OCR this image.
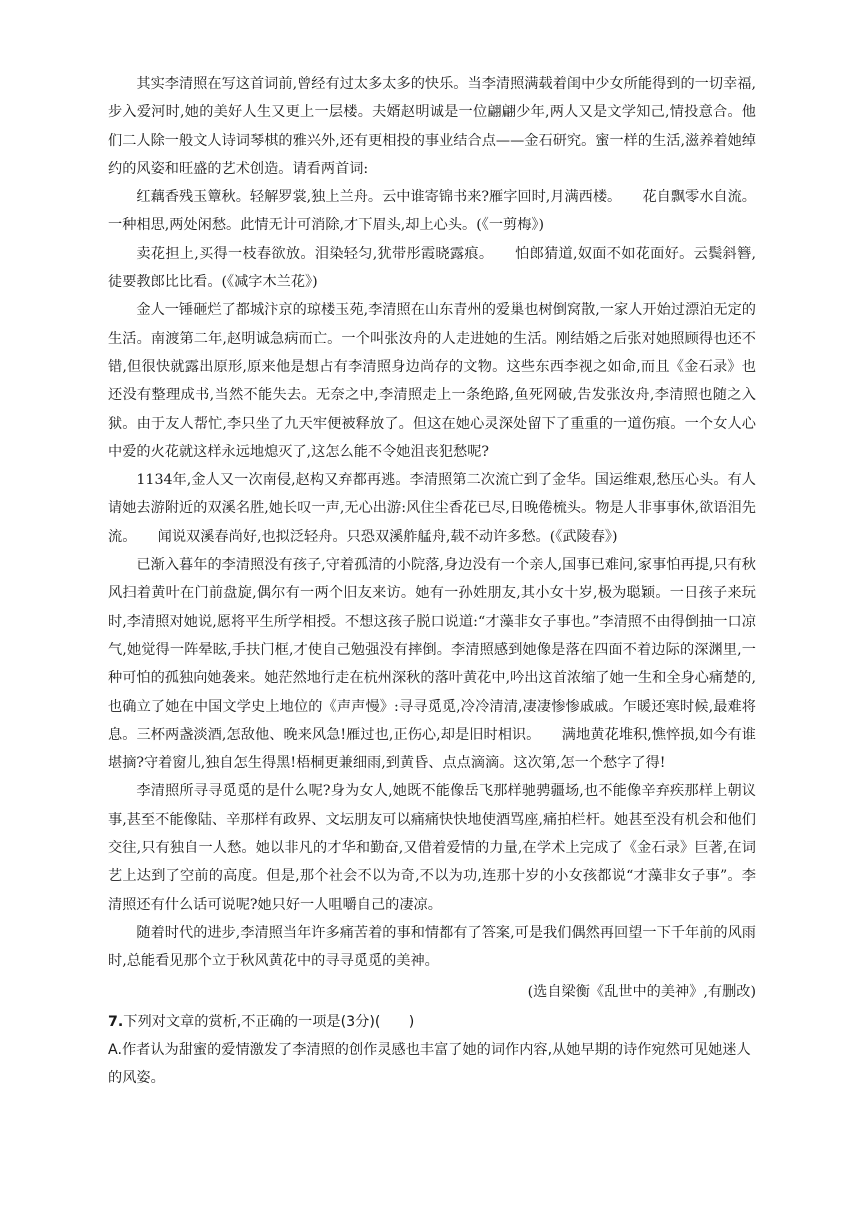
其实李清照在写这首词前,曾经有过太多太多的快乐。当李清照满载着闺中少女所能得到的一切幸福,步入爱河时,她的美好人生又更上一层楼。夫婿赵明诚是一位翩翩少年,两人又是文学知己,情投意合。他们二人除一般文人诗词琴棋的雅兴外,还有更相投的事业结合点——金石研究。蜜一样的生活,滋养着她绰约的风姿和旺盛的艺术创造。请看两首词:

红藕香残玉簟秋。轻解罗裳,独上兰舟。云中谁寄锦书来?雁字回时,月满西楼。　　花自飘零水自流。一种相思,两处闲愁。此情无计可消除,才下眉头,却上心头。(《一剪梅》)

卖花担上,买得一枝春欲放。泪染轻匀,犹带彤霞晓露痕。　　怕郎猜道,奴面不如花面好。云鬓斜簪,徒要教郎比比看。(《减字木兰花》)

金人一锤砸烂了都城汴京的琼楼玉苑,李清照在山东青州的爱巢也树倒窝散,一家人开始过漂泊无定的生活。南渡第二年,赵明诚急病而亡。一个叫张汝舟的人走进她的生活。刚结婚之后张对她照顾得也还不错,但很快就露出原形,原来他是想占有李清照身边尚存的文物。这些东西李视之如命,而且《金石录》也还没有整理成书,当然不能失去。无奈之中,李清照走上一条绝路,鱼死网破,告发张汝舟,李清照也随之入狱。由于友人帮忙,李只坐了九天牢便被释放了。但这在她心灵深处留下了重重的一道伤痕。一个女人心中爱的火花就这样永远地熄灭了,这怎么能不令她沮丧犯愁呢?

1134年,金人又一次南侵,赵构又弃都再逃。李清照第二次流亡到了金华。国运维艰,愁压心头。有人请她去游附近的双溪名胜,她长叹一声,无心出游:风住尘香花已尽,日晚倦梳头。物是人非事事休,欲语泪先流。　　闻说双溪春尚好,也拟泛轻舟。只恐双溪舴艋舟,载不动许多愁。(《武陵春》)

已渐入暮年的李清照没有孩子,守着孤清的小院落,身边没有一个亲人,国事已难问,家事怕再提,只有秋风扫着黄叶在门前盘旋,偶尔有一两个旧友来访。她有一孙姓朋友,其小女十岁,极为聪颖。一日孩子来玩时,李清照对她说,愿将平生所学相授。不想这孩子脱口说道:“才藻非女子事也。”李清照不由得倒抽一口凉气,她觉得一阵晕眩,手扶门框,才使自己勉强没有摔倒。李清照感到她像是落在四面不着边际的深渊里,一种可怕的孤独向她袭来。她茫然地行走在杭州深秋的落叶黄花中,吟出这首浓缩了她一生和全身心痛楚的,也确立了她在中国文学史上地位的《声声慢》:寻寻觅觅,冷冷清清,凄凄惨惨戚戚。乍暖还寒时候,最难将息。三杯两盏淡酒,怎敌他、晚来风急!雁过也,正伤心,却是旧时相识。　　满地黄花堆积,憔悴损,如今有谁堪摘?守着窗儿,独自怎生得黑!梧桐更兼细雨,到黄昏、点点滴滴。这次第,怎一个愁字了得!

李清照所寻寻觅觅的是什么呢?身为女人,她既不能像岳飞那样驰骋疆场,也不能像辛弃疾那样上朝议事,甚至不能像陆、辛那样有政界、文坛朋友可以痛痛快快地使酒骂座,痛拍栏杆。她甚至没有机会和他们交往,只有独自一人愁。她以非凡的才华和勤奋,又借着爱情的力量,在学术上完成了《金石录》巨著,在词艺上达到了空前的高度。但是,那个社会不以为奇,不以为功,连那十岁的小女孩都说“才藻非女子事”。李清照还有什么话可说呢?她只好一人咀嚼自己的凄凉。

随着时代的进步,李清照当年许多痛苦着的事和情都有了答案,可是我们偶然再回望一下千年前的风雨时,总能看见那个立于秋风黄花中的寻寻觅觅的美神。

(选自梁衡《乱世中的美神》,有删改)

7.下列对文章的赏析,不正确的一项是(3分)(　　)
A.作者认为甜蜜的爱情激发了李清照的创作灵感也丰富了她的词作内容,从她早期的诗作宛然可见她迷人的风姿。
